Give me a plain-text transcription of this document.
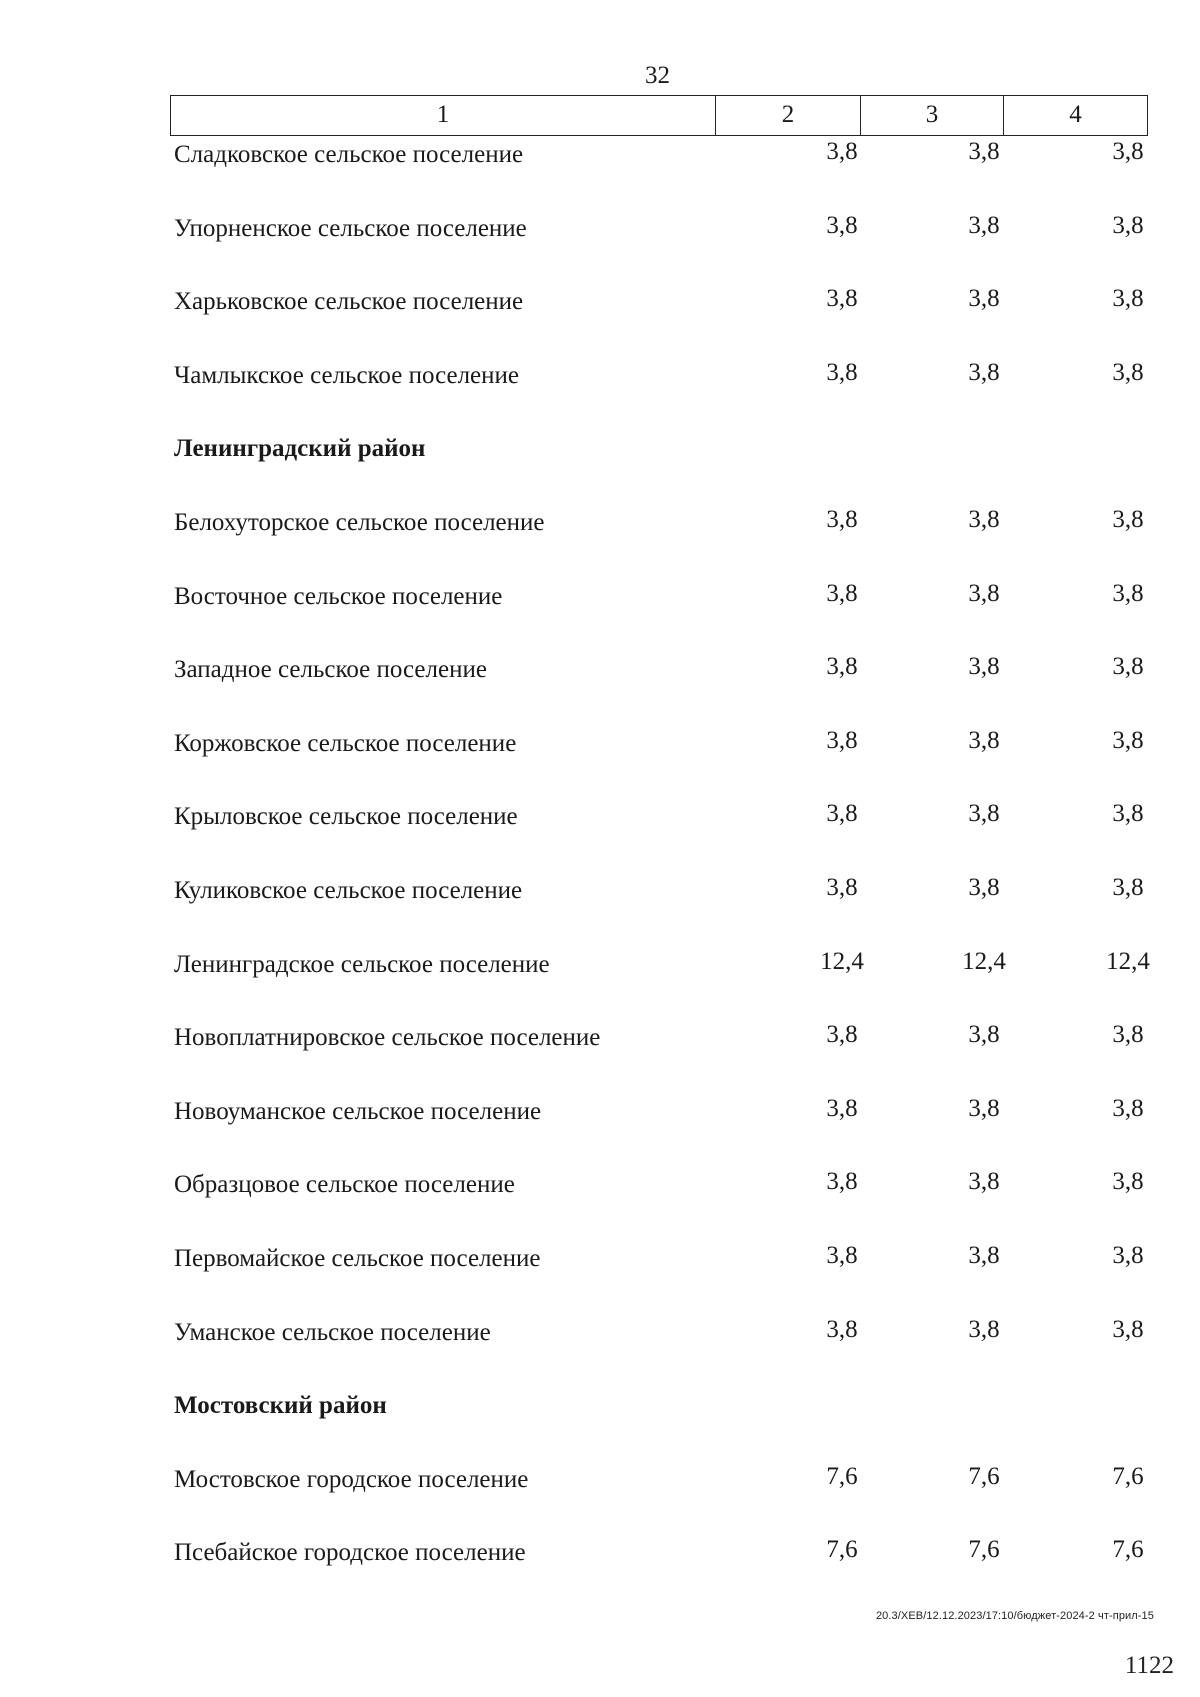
32
1	2	3	4
Сладковское сельское поселение	3,8	3,8	3,8
Упорненское сельское поселение	3,8	3,8	3,8
Харьковское сельское поселение	3,8	3,8	3,8
Чамлыкское сельское поселение	3,8	3,8	3,8
Ленинградский район
Белохуторское сельское поселение	3,8	3,8	3,8
Восточное сельское поселение	3,8	3,8	3,8
Западное сельское поселение	3,8	3,8	3,8
Коржовское сельское поселение	3,8	3,8	3,8
Крыловское сельское поселение	3,8	3,8	3,8
Куликовское сельское поселение	3,8	3,8	3,8
Ленинградское сельское поселение	12,4	12,4	12,4
Новоплатнировское сельское поселение	3,8	3,8	3,8
Новоуманское сельское поселение	3,8	3,8	3,8
Образцовое сельское поселение	3,8	3,8	3,8
Первомайское сельское поселение	3,8	3,8	3,8
Уманское сельское поселение	3,8	3,8	3,8
Мостовский район
Мостовское городское поселение	7,6	7,6	7,6
Псебайское городское поселение	7,6	7,6	7,6
20.3/XEB/12.12.2023/17:10/бюджет-2024-2 чт-прил-15
1122
